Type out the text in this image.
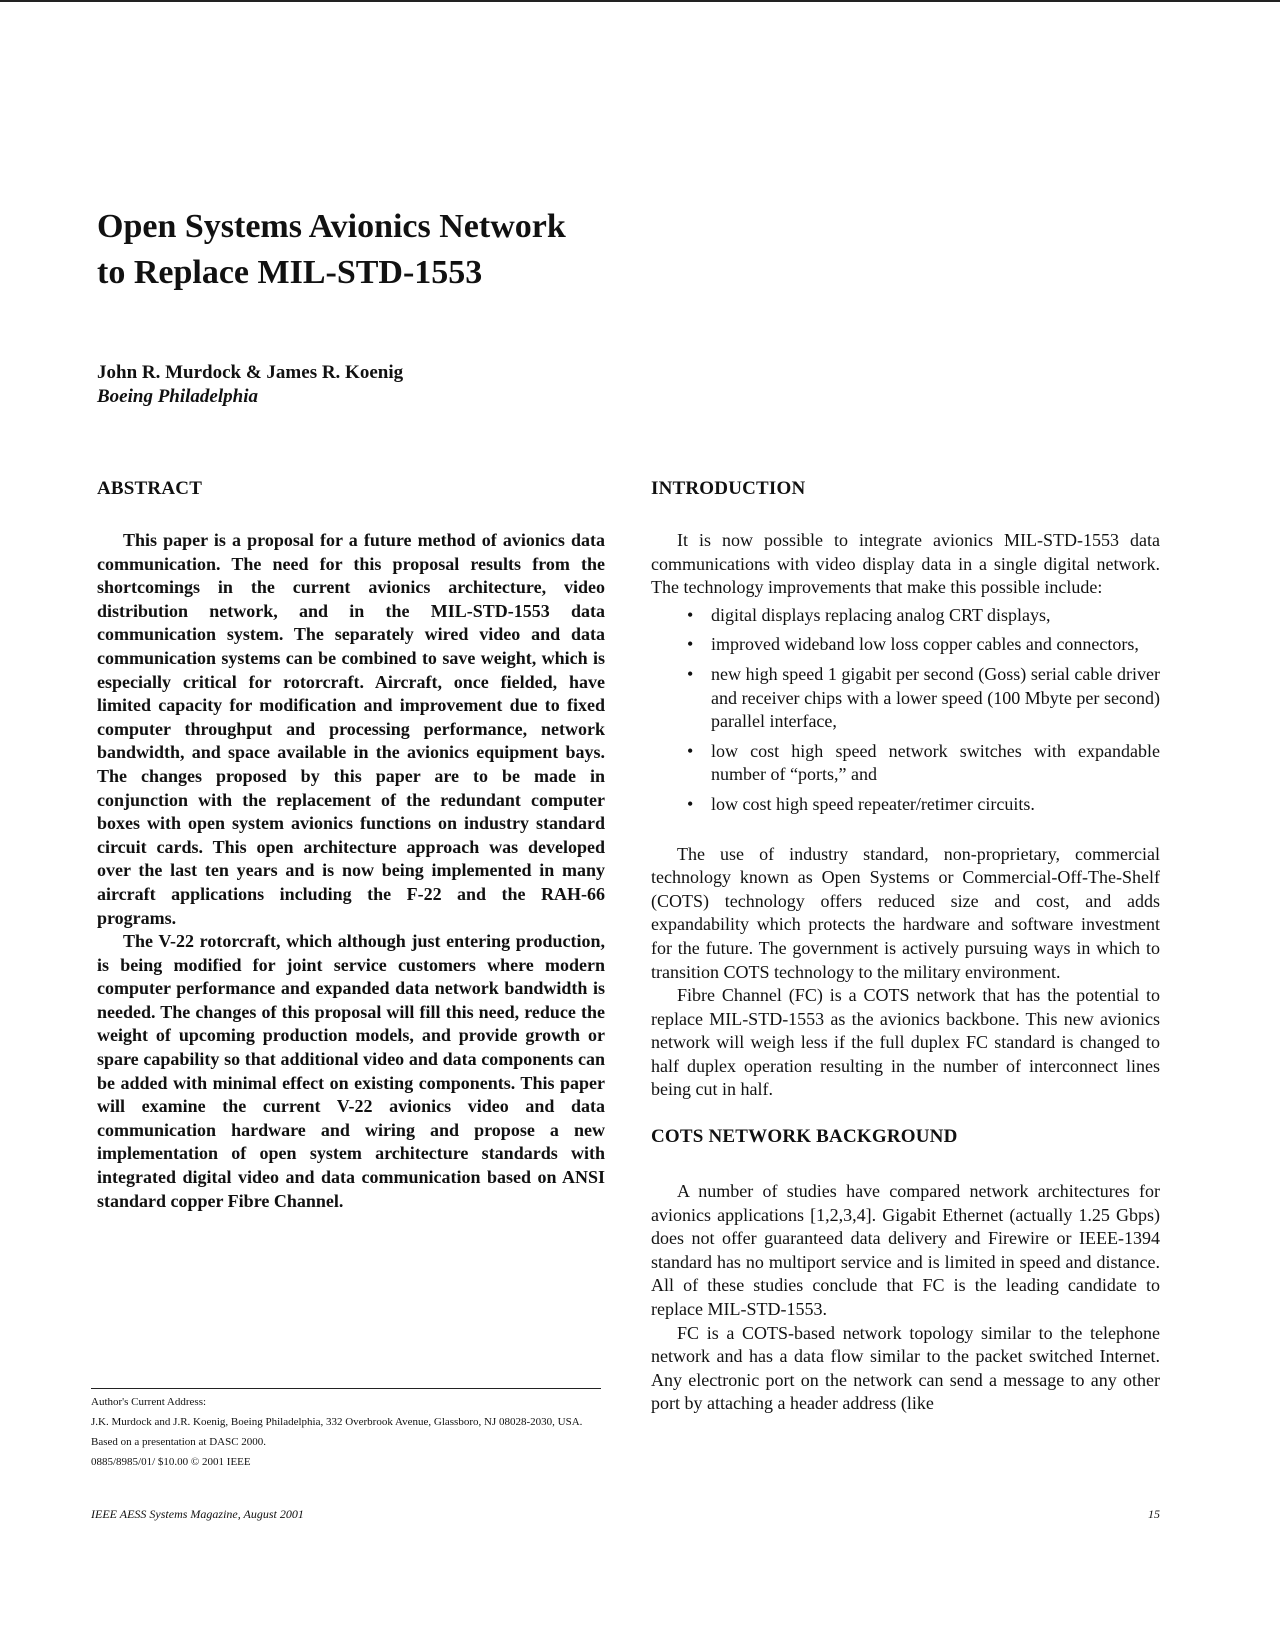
Open Systems Avionics Network
to Replace MIL-STD-1553
John R. Murdock & James R. Koenig
Boeing Philadelphia
ABSTRACT

This paper is a proposal for a future method of avionics data communication. The need for this proposal results from the shortcomings in the current avionics architecture, video distribution network, and in the MIL-STD-1553 data communication system. The separately wired video and data communication systems can be combined to save weight, which is especially critical for rotorcraft. Aircraft, once fielded, have limited capacity for modification and improvement due to fixed computer throughput and processing performance, network bandwidth, and space available in the avionics equipment bays. The changes proposed by this paper are to be made in conjunction with the replacement of the redundant computer boxes with open system avionics functions on industry standard circuit cards. This open architecture approach was developed over the last ten years and is now being implemented in many aircraft applications including the F-22 and the RAH-66 programs.

The V-22 rotorcraft, which although just entering production, is being modified for joint service customers where modern computer performance and expanded data network bandwidth is needed. The changes of this proposal will fill this need, reduce the weight of upcoming production models, and provide growth or spare capability so that additional video and data components can be added with minimal effect on existing components. This paper will examine the current V-22 avionics video and data communication hardware and wiring and propose a new implementation of open system architecture standards with integrated digital video and data communication based on ANSI standard copper Fibre Channel.

INTRODUCTION

It is now possible to integrate avionics MIL-STD-1553 data communications with video display data in a single digital network. The technology improvements that make this possible include:

• digital displays replacing analog CRT displays,
• improved wideband low loss copper cables and connectors,
• new high speed 1 gigabit per second (Goss) serial cable driver and receiver chips with a lower speed (100 Mbyte per second) parallel interface,
• low cost high speed network switches with expandable number of “ports,” and
• low cost high speed repeater/retimer circuits.

The use of industry standard, non-proprietary, commercial technology known as Open Systems or Commercial-Off-The-Shelf (COTS) technology offers reduced size and cost, and adds expandability which protects the hardware and software investment for the future. The government is actively pursuing ways in which to transition COTS technology to the military environment.

Fibre Channel (FC) is a COTS network that has the potential to replace MIL-STD-1553 as the avionics backbone. This new avionics network will weigh less if the full duplex FC standard is changed to half duplex operation resulting in the number of interconnect lines being cut in half.

COTS NETWORK BACKGROUND

A number of studies have compared network architectures for avionics applications [1,2,3,4]. Gigabit Ethernet (actually 1.25 Gbps) does not offer guaranteed data delivery and Firewire or IEEE-1394 standard has no multiport service and is limited in speed and distance. All of these studies conclude that FC is the leading candidate to replace MIL-STD-1553.

FC is a COTS-based network topology similar to the telephone network and has a data flow similar to the packet switched Internet. Any electronic port on the network can send a message to any other port by attaching a header address (like

Author's Current Address:
J.K. Murdock and J.R. Koenig, Boeing Philadelphia, 332 Overbrook Avenue, Glassboro, NJ 08028-2030, USA.
Based on a presentation at DASC 2000.
0885/8985/01/ $10.00 © 2001 IEEE
IEEE AESS Systems Magazine, August 2001	15
